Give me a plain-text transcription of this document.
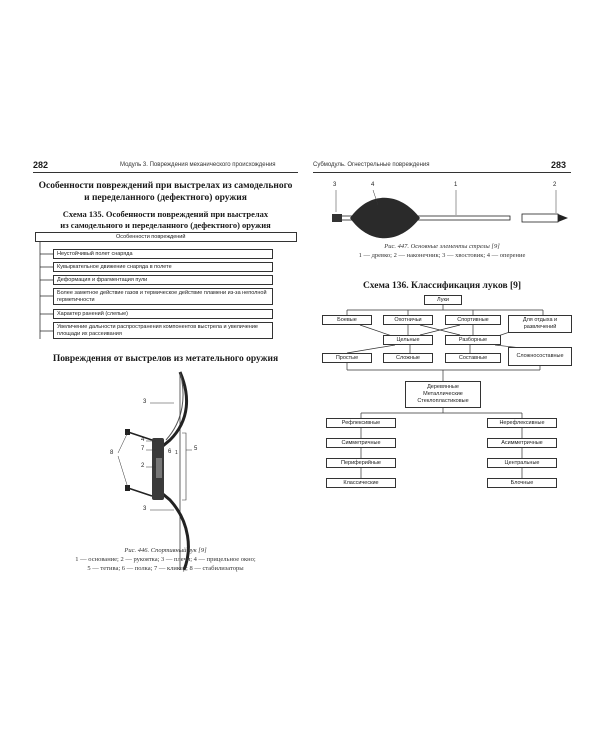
282	Модуль 3. Повреждения механического происхождения
Особенности повреждений при выстрелах из самодельного
и переделанного (дефектного) оружия
Схема 135. Особенности повреждений при выстрелах
из самодельного и переделанного (дефектного) оружия
Особенности повреждений
Неустойчивый полет снаряда
Кувыркательное движение снаряда в полете
Деформация и фрагментация пули
Более заметное действие газов и термическое действие пламени из-за неполной герметичности
Характер ранений (слепые)
Увеличение дальности распространения компонентов выстрела и увеличение площади их рассеивания
Повреждения от выстрелов из метательного оружия
3
4
7
2
6 1
5
8
3
Рис. 446. Спортивный лук [9]
1 — основание; 2 — рукоятка; 3 — плечи; 4 — прицельное окно;
5 — тетива; 6 — полка; 7 — кликер; 8 — стабилизаторы
Субмодуль. Огнестрельные повреждения	283
3	4	1	2
Рис. 447. Основные элементы стрелы [9]
1 — древко; 2 — наконечник; 3 — хвостовик; 4 — оперение
Схема 136. Классификация луков [9]
Луки
Боевые	Охотничьи	Спортивные	Для отдыха и развлечений
Цельные	Разборные
Простые	Сложные	Составные	Сложносоставные
Деревянные Металлические Стеклопластиковые
Рефлексивные
Симметричные
Периферийные
Классические
Нерефлексивные
Асимметричные
Центральные
Блочные
